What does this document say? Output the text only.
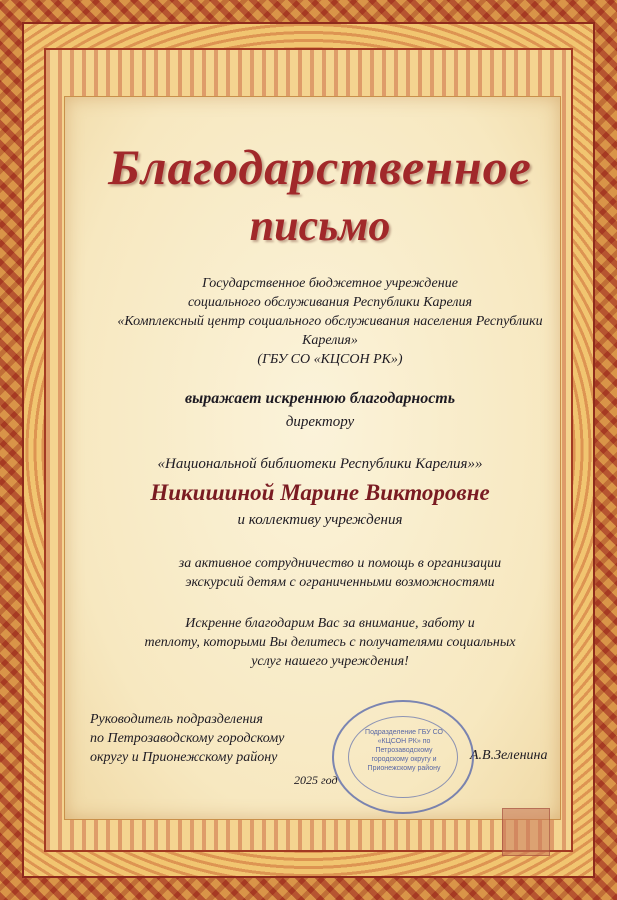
Благодарственное
письмо
Государственное бюджетное учреждение
социального обслуживания Республики Карелия
«Комплексный центр социального обслуживания населения Республики
Карелия»
(ГБУ СО «КЦСОН РК»)
выражает искреннюю благодарность
директору
«Национальной библиотеки Республики Карелия»»
Никишиной Марине Викторовне
и коллективу учреждения
за активное сотрудничество и помощь в организации
экскурсий детям с ограниченными возможностями
Искренне благодарим Вас за внимание, заботу и
теплоту, которыми Вы делитесь с получателями социальных
услуг нашего учреждения!
Руководитель подразделения
по Петрозаводскому городскому
округу и Прионежскому району	А.В.Зеленина
2025 год
Подразделение ГБУ СО «КЦСОН РК» по Петрозаводскому городскому округу и Прионежскому району
